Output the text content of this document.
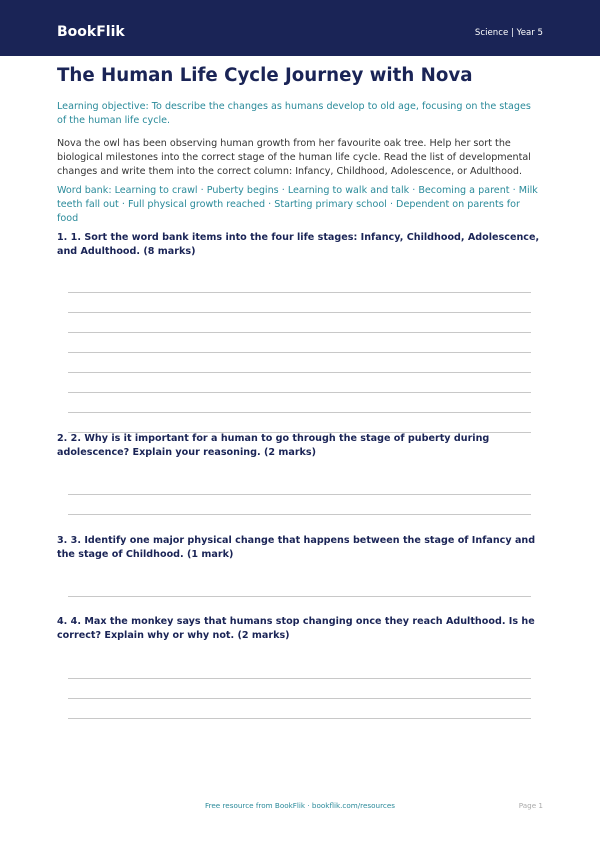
BookFlik	Science | Year 5
The Human Life Cycle Journey with Nova

Learning objective: To describe the changes as humans develop to old age, focusing on the stages of the human life cycle.

Nova the owl has been observing human growth from her favourite oak tree. Help her sort the biological milestones into the correct stage of the human life cycle. Read the list of developmental changes and write them into the correct column: Infancy, Childhood, Adolescence, or Adulthood.

Word bank: Learning to crawl · Puberty begins · Learning to walk and talk · Becoming a parent · Milk teeth fall out · Full physical growth reached · Starting primary school · Dependent on parents for food

1. 1. Sort the word bank items into the four life stages: Infancy, Childhood, Adolescence, and Adulthood. (8 marks)

2. 2. Why is it important for a human to go through the stage of puberty during adolescence? Explain your reasoning. (2 marks)

3. 3. Identify one major physical change that happens between the stage of Infancy and the stage of Childhood. (1 mark)

4. 4. Max the monkey says that humans stop changing once they reach Adulthood. Is he correct? Explain why or why not. (2 marks)

Free resource from BookFlik · bookflik.com/resources	Page 1
